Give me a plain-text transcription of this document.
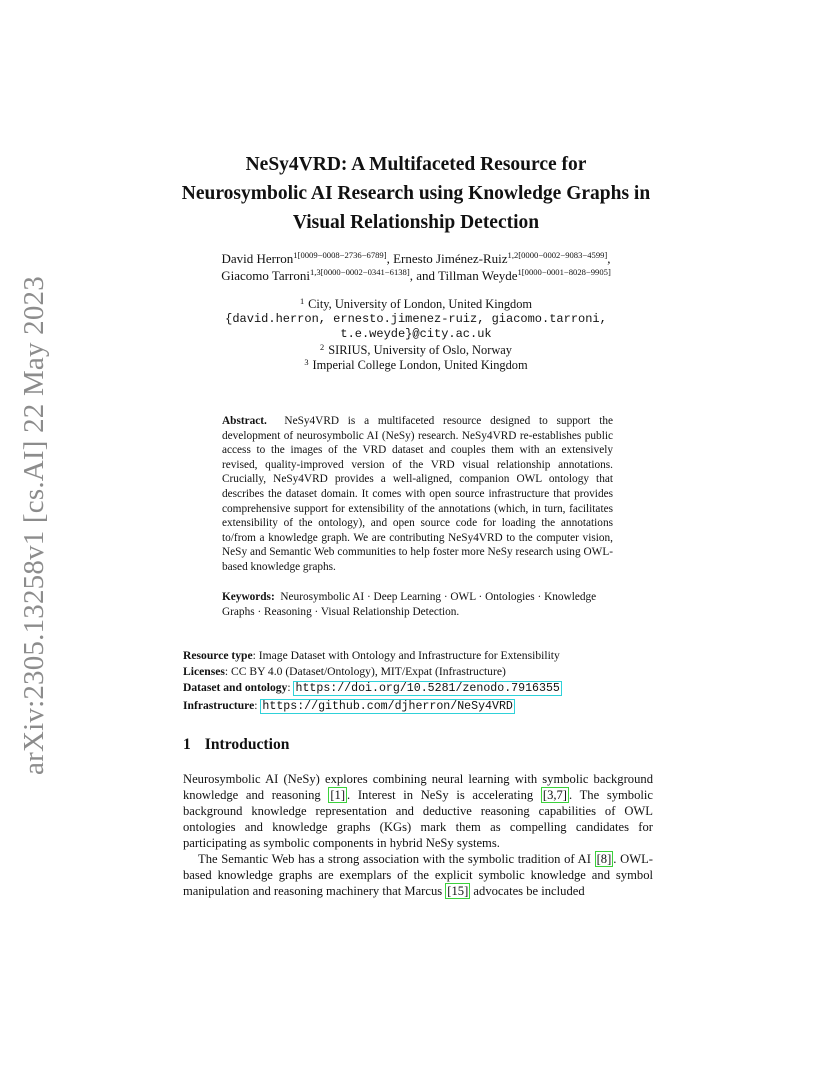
arXiv:2305.13258v1 [cs.AI] 22 May 2023
NeSy4VRD: A Multifaceted Resource for
Neurosymbolic AI Research using Knowledge Graphs in
Visual Relationship Detection
David Herron$^{1[0009-0008-2736-6789]}$, Ernesto Jiménez-Ruiz$^{1,2[0000-0002-9083-4599]}$,
Giacomo Tarroni$^{1,3[0000-0002-0341-6138]}$, and Tillman Weyde$^{1[0000-0001-8028-9905]}$
$^1$ City, University of London, United Kingdom
{david.herron, ernesto.jimenez-ruiz, giacomo.tarroni,
t.e.weyde}@city.ac.uk
$^2$ SIRIUS, University of Oslo, Norway
$^3$ Imperial College London, United Kingdom
Abstract. NeSy4VRD is a multifaceted resource designed to support the development of neurosymbolic AI (NeSy) research. NeSy4VRD re-establishes public access to the images of the VRD dataset and couples them with an extensively revised, quality-improved version of the VRD visual relationship annotations. Crucially, NeSy4VRD provides a well-aligned, companion OWL ontology that describes the dataset domain. It comes with open source infrastructure that provides comprehensive support for extensibility of the annotations (which, in turn, facilitates extensibility of the ontology), and open source code for loading the annotations to/from a knowledge graph. We are contributing NeSy4VRD to the computer vision, NeSy and Semantic Web communities to help foster more NeSy research using OWL-based knowledge graphs.
Keywords: Neurosymbolic AI · Deep Learning · OWL · Ontologies · Knowledge Graphs · Reasoning · Visual Relationship Detection.
Resource type: Image Dataset with Ontology and Infrastructure for Extensibility
Licenses: CC BY 4.0 (Dataset/Ontology), MIT/Expat (Infrastructure)
Dataset and ontology: https://doi.org/10.5281/zenodo.7916355
Infrastructure: https://github.com/djherron/NeSy4VRD
1 Introduction

Neurosymbolic AI (NeSy) explores combining neural learning with symbolic background knowledge and reasoning [1] . Interest in NeSy is accelerating [3,7] . The symbolic background knowledge representation and deductive reasoning capabilities of OWL ontologies and knowledge graphs (KGs) mark them as compelling candidates for participating as symbolic components in hybrid NeSy systems.

The Semantic Web has a strong association with the symbolic tradition of AI [8] . OWL-based knowledge graphs are exemplars of the explicit symbolic knowledge and symbol manipulation and reasoning machinery that Marcus [15] advocates be included
